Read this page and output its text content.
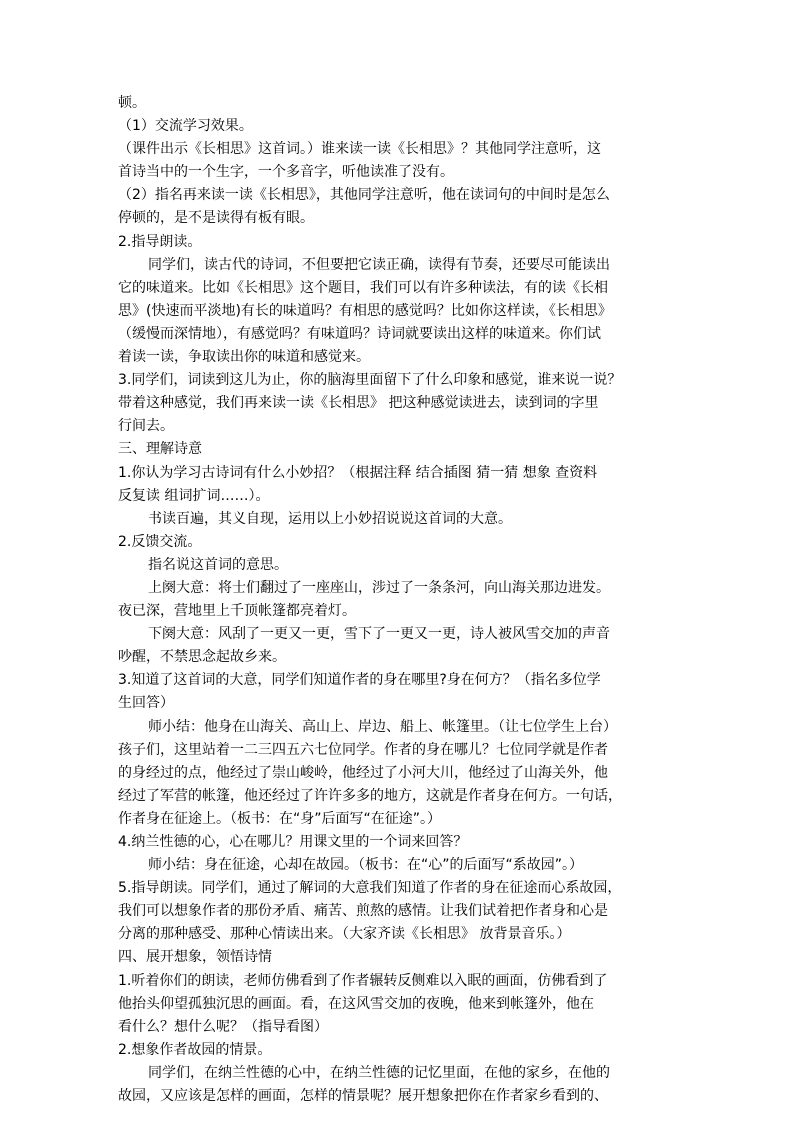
顿。
（1）交流学习效果。
（课件出示《长相思》这首词。）谁来读一读《长相思》？其他同学注意听，这
首诗当中的一个生字，一个多音字，听他读准了没有。
（2）指名再来读一读《长相思》，其他同学注意听，他在读词句的中间时是怎么
停顿的，是不是读得有板有眼。
2.指导朗读。
同学们，读古代的诗词，不但要把它读正确，读得有节奏，还要尽可能读出
它的味道来。比如《长相思》这个题目，我们可以有许多种读法，有的读《长相
思》(快速而平淡地)有长的味道吗？有相思的感觉吗？比如你这样读，《长相思》
（缓慢而深情地），有感觉吗？有味道吗？诗词就要读出这样的味道来。你们试
着读一读，争取读出你的味道和感觉来。
3.同学们，词读到这儿为止，你的脑海里面留下了什么印象和感觉，谁来说一说？
带着这种感觉，我们再来读一读《长相思》 把这种感觉读进去，读到词的字里
行间去。
三、理解诗意
1.你认为学习古诗词有什么小妙招？（根据注释 结合插图 猜一猜 想象 查资料
反复读 组词扩词……）。
书读百遍，其义自现，运用以上小妙招说说这首词的大意。
2.反馈交流。
指名说这首词的意思。
上阕大意：将士们翻过了一座座山，涉过了一条条河，向山海关那边进发。
夜已深，营地里上千顶帐篷都亮着灯。
下阕大意：风刮了一更又一更，雪下了一更又一更，诗人被风雪交加的声音
吵醒，不禁思念起故乡来。
3.知道了这首词的大意，同学们知道作者的身在哪里?身在何方？（指名多位学
生回答）
师小结：他身在山海关、高山上、岸边、船上、帐篷里。（让七位学生上台）
孩子们，这里站着一二三四五六七位同学。作者的身在哪儿？七位同学就是作者
的身经过的点，他经过了崇山峻岭，他经过了小河大川，他经过了山海关外，他
经过了军营的帐篷，他还经过了许许多多的地方，这就是作者身在何方。一句话，
作者身在征途上。（板书：在“身”后面写“在征途”。）
4.纳兰性德的心，心在哪儿？用课文里的一个词来回答？
师小结：身在征途，心却在故园。（板书：在“心”的后面写“系故园”。）
5.指导朗读。同学们，通过了解词的大意我们知道了作者的身在征途而心系故园，
我们可以想象作者的那份矛盾、痛苦、煎熬的感情。让我们试着把作者身和心是
分离的那种感受、那种心情读出来。（大家齐读《长相思》 放背景音乐。）
四、展开想象，领悟诗情
1.听着你们的朗读，老师仿佛看到了作者辗转反侧难以入眠的画面，仿佛看到了
他抬头仰望孤独沉思的画面。看，在这风雪交加的夜晚，他来到帐篷外，他在
看什么？想什么呢？（指导看图）
2.想象作者故园的情景。
同学们，在纳兰性德的心中，在纳兰性德的记忆里面，在他的家乡，在他的
故园，又应该是怎样的画面，怎样的情景呢？展开想象把你在作者家乡看到的、
